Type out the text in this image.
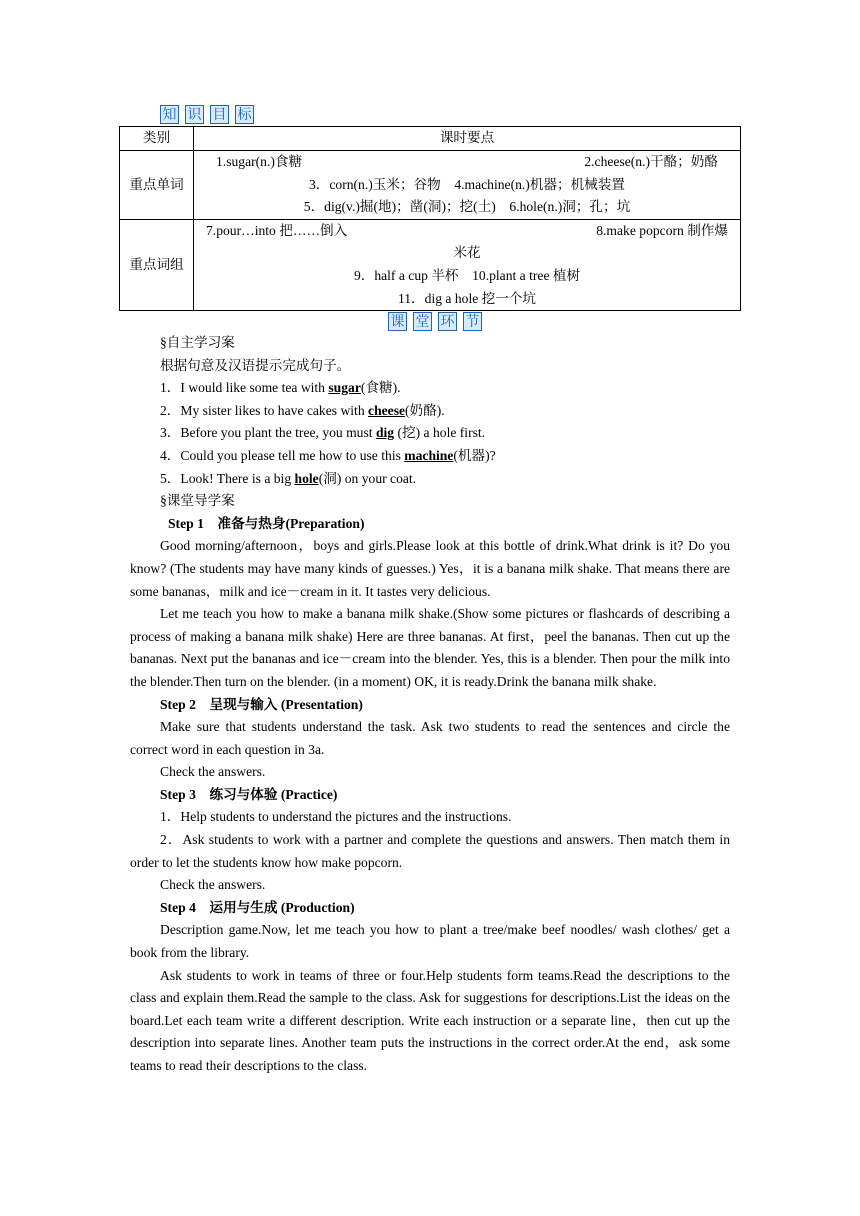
知 识 目 标
类别	课时要点
重点单词	1.sugar(n.)食糖 2.cheese(n.)干酪；奶酪
3．corn(n.)玉米；谷物　4.machine(n.)机器；机械装置
5．dig(v.)掘(地)；凿(洞)；挖(土)　6.hole(n.)洞；孔；坑

重点词组	7.pour…into 把……倒入 8.make popcorn 制作爆
米花
9．half a cup 半杯　10.plant a tree 植树
11．dig a hole 挖一个坑
课 堂 环 节
§自主学习案
根据句意及汉语提示完成句子。
1．I would like some tea with sugar(食糖).
2．My sister likes to have cakes with cheese(奶酪).
3．Before you plant the tree, you must dig (挖) a hole first.
4．Could you please tell me how to use this machine(机器)?
5．Look! There is a big hole(洞) on your coat.
§课堂导学案
Step 1　准备与热身(Preparation)

Good morning/afternoon，boys and girls.Please look at this bottle of drink.What drink is it? Do you know? (The students may have many kinds of guesses.) Yes，it is a banana milk shake. That means there are some bananas，milk and ice－cream in it. It tastes very delicious.

Let me teach you how to make a banana milk shake.(Show some pictures or flashcards of describing a process of making a banana milk shake) Here are three bananas. At first，peel the bananas. Then cut up the bananas. Next put the bananas and ice－cream into the blender. Yes, this is a blender. Then pour the milk into the blender.Then turn on the blender. (in a moment) OK, it is ready.Drink the banana milk shake.

Step 2　呈现与输入 (Presentation)

Make sure that students understand the task. Ask two students to read the sentences and circle the correct word in each question in 3a.

Check the answers.

Step 3　练习与体验 (Practice)

1．Help students to understand the pictures and the instructions.

2．Ask students to work with a partner and complete the questions and answers. Then match them in order to let the students know how make popcorn.

Check the answers.

Step 4　运用与生成 (Production)

Description game.Now, let me teach you how to plant a tree/make beef noodles/ wash clothes/ get a book from the library.

Ask students to work in teams of three or four.Help students form teams.Read the descriptions to the class and explain them.Read the sample to the class. Ask for suggestions for descriptions.List the ideas on the board.Let each team write a different description. Write each instruction or a separate line，then cut up the description into separate lines. Another team puts the instructions in the correct order.At the end，ask some teams to read their descriptions to the class.
